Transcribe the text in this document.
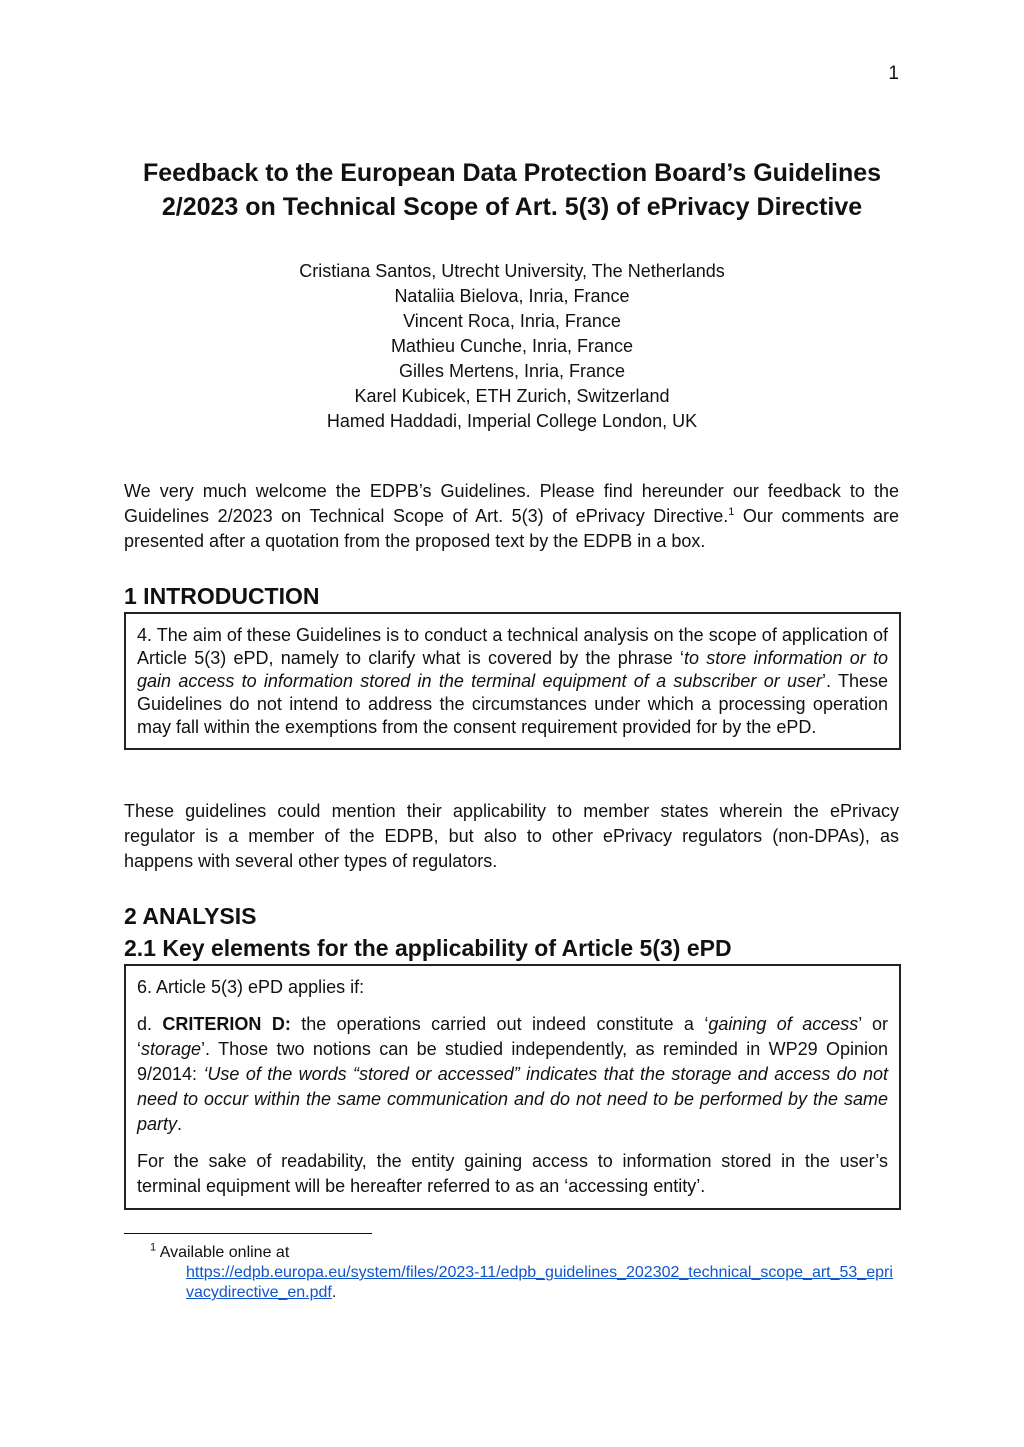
1
Feedback to the European Data Protection Board’s Guidelines
2/2023 on Technical Scope of Art. 5(3) of ePrivacy Directive
Cristiana Santos, Utrecht University, The Netherlands
Nataliia Bielova, Inria, France
Vincent Roca, Inria, France
Mathieu Cunche, Inria, France
Gilles Mertens, Inria, France
Karel Kubicek, ETH Zurich, Switzerland
Hamed Haddadi, Imperial College London, UK

We very much welcome the EDPB’s Guidelines. Please find hereunder our feedback to the Guidelines 2/2023 on Technical Scope of Art. 5(3) of ePrivacy Directive.$^1$ Our comments are presented after a quotation from the proposed text by the EDPB in a box.

1 INTRODUCTION

4. The aim of these Guidelines is to conduct a technical analysis on the scope of application of Article 5(3) ePD, namely to clarify what is covered by the phrase ‘to store information or to gain access to information stored in the terminal equipment of a subscriber or user’. These Guidelines do not intend to address the circumstances under which a processing operation may fall within the exemptions from the consent requirement provided for by the ePD.

These guidelines could mention their applicability to member states wherein the ePrivacy regulator is a member of the EDPB, but also to other ePrivacy regulators (non-DPAs), as happens with several other types of regulators.

2 ANALYSIS
2.1 Key elements for the applicability of Article 5(3) ePD

6. Article 5(3) ePD applies if:

d. CRITERION D: the operations carried out indeed constitute a ‘gaining of access’ or ‘storage’. Those two notions can be studied independently, as reminded in WP29 Opinion 9/2014: ‘Use of the words “stored or accessed” indicates that the storage and access do not need to occur within the same communication and do not need to be performed by the same party.

For the sake of readability, the entity gaining access to information stored in the user’s terminal equipment will be hereafter referred to as an ‘accessing entity’.

$^1$ Available online at
https://edpb.europa.eu/system/files/2023-11/edpb_guidelines_202302_technical_scope_art_53_eprivacydirective_en.pdf.
